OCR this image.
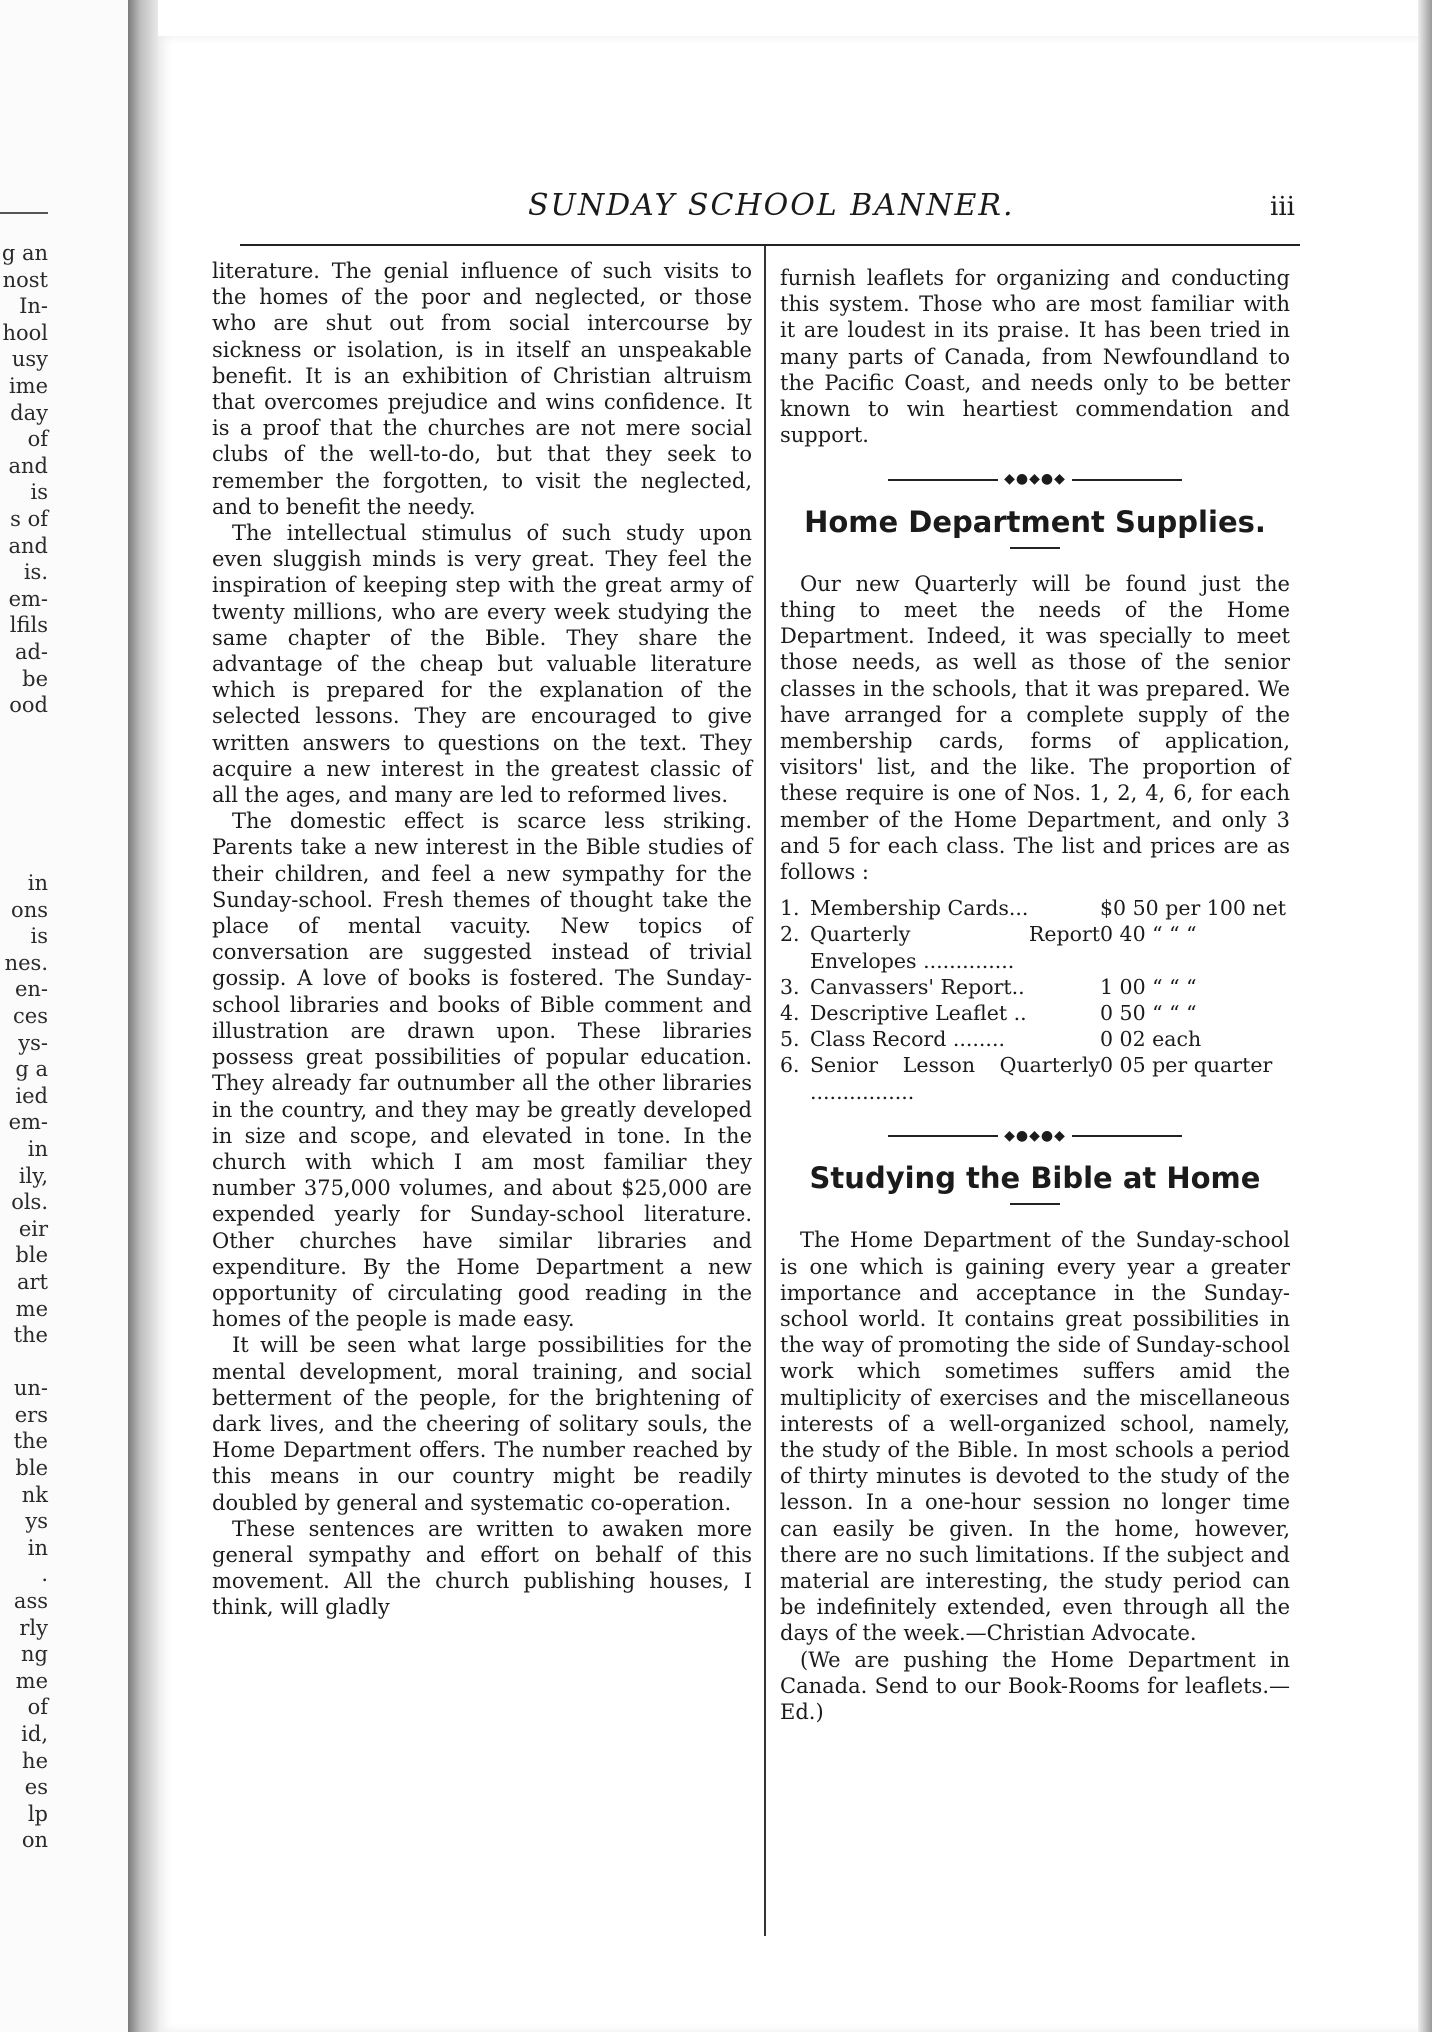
g an
nost
In-
hool
usy
ime
day
of
and
is
s of
and
is.
em-
lfils
ad-
be
ood
in
ons
is
nes.
en-
ces
ys-
g a
ied
em-
in
ily,
ols.
eir
ble
art
me
the
un-
ers
the
ble
nk
ys
in
.
ass
rly
ng
me
of
id,
he
es
lp
on
SUNDAY SCHOOL BANNER.	iii

literature. The genial influence of such visits to the homes of the poor and neglected, or those who are shut out from social intercourse by sickness or isolation, is in itself an unspeakable benefit. It is an exhibition of Christian altruism that overcomes prejudice and wins confidence. It is a proof that the churches are not mere social clubs of the well-to-do, but that they seek to remember the forgotten, to visit the neglected, and to benefit the needy.

The intellectual stimulus of such study upon even sluggish minds is very great. They feel the inspiration of keeping step with the great army of twenty millions, who are every week studying the same chapter of the Bible. They share the advantage of the cheap but valuable literature which is prepared for the explanation of the selected lessons. They are encouraged to give written answers to questions on the text. They acquire a new interest in the greatest classic of all the ages, and many are led to reformed lives.

The domestic effect is scarce less striking. Parents take a new interest in the Bible studies of their children, and feel a new sympathy for the Sunday-school. Fresh themes of thought take the place of mental vacuity. New topics of conversation are suggested instead of trivial gossip. A love of books is fostered. The Sunday-school libraries and books of Bible comment and illustration are drawn upon. These libraries possess great possibilities of popular education. They already far outnumber all the other libraries in the country, and they may be greatly developed in size and scope, and elevated in tone. In the church with which I am most familiar they number 375,000 volumes, and about $25,000 are expended yearly for Sunday-school literature. Other churches have similar libraries and expenditure. By the Home Department a new opportunity of circulating good reading in the homes of the people is made easy.

It will be seen what large possibilities for the mental development, moral training, and social betterment of the people, for the brightening of dark lives, and the cheering of solitary souls, the Home Department offers. The number reached by this means in our country might be readily doubled by general and systematic co-operation.

These sentences are written to awaken more general sympathy and effort on behalf of this movement. All the church publishing houses, I think, will gladly

furnish leaflets for organizing and conducting this system. Those who are most familiar with it are loudest in its praise. It has been tried in many parts of Canada, from Newfoundland to the Pacific Coast, and needs only to be better known to win heartiest commendation and support.

◆●◆●◆
Home Department Supplies.

Our new Quarterly will be found just the thing to meet the needs of the Home Department. Indeed, it was specially to meet those needs, as well as those of the senior classes in the schools, that it was prepared. We have arranged for a complete supply of the membership cards, forms of application, visitors' list, and the like. The proportion of these require is one of Nos. 1, 2, 4, 6, for each member of the Home Department, and only 3 and 5 for each class. The list and prices are as follows :

1.	Membership Cards...	$0 50 per 100 net
2.	Quarterly Report Envelopes ..............	0 40 “ “ “
3.	Canvassers' Report..	1 00 “ “ “
4.	Descriptive Leaflet ..	0 50 “ “ “
5.	Class Record ........	0 02 each
6.	Senior Lesson Quarterly ................	0 05 per quarter
◆●◆●◆
Studying the Bible at Home

The Home Department of the Sunday-school is one which is gaining every year a greater importance and acceptance in the Sunday-school world. It contains great possibilities in the way of promoting the side of Sunday-school work which sometimes suffers amid the multiplicity of exercises and the miscellaneous interests of a well-organized school, namely, the study of the Bible. In most schools a period of thirty minutes is devoted to the study of the lesson. In a one-hour session no longer time can easily be given. In the home, however, there are no such limitations. If the subject and material are interesting, the study period can be indefinitely extended, even through all the days of the week.—Christian Advocate.

(We are pushing the Home Department in Canada. Send to our Book-Rooms for leaflets.—Ed.)
